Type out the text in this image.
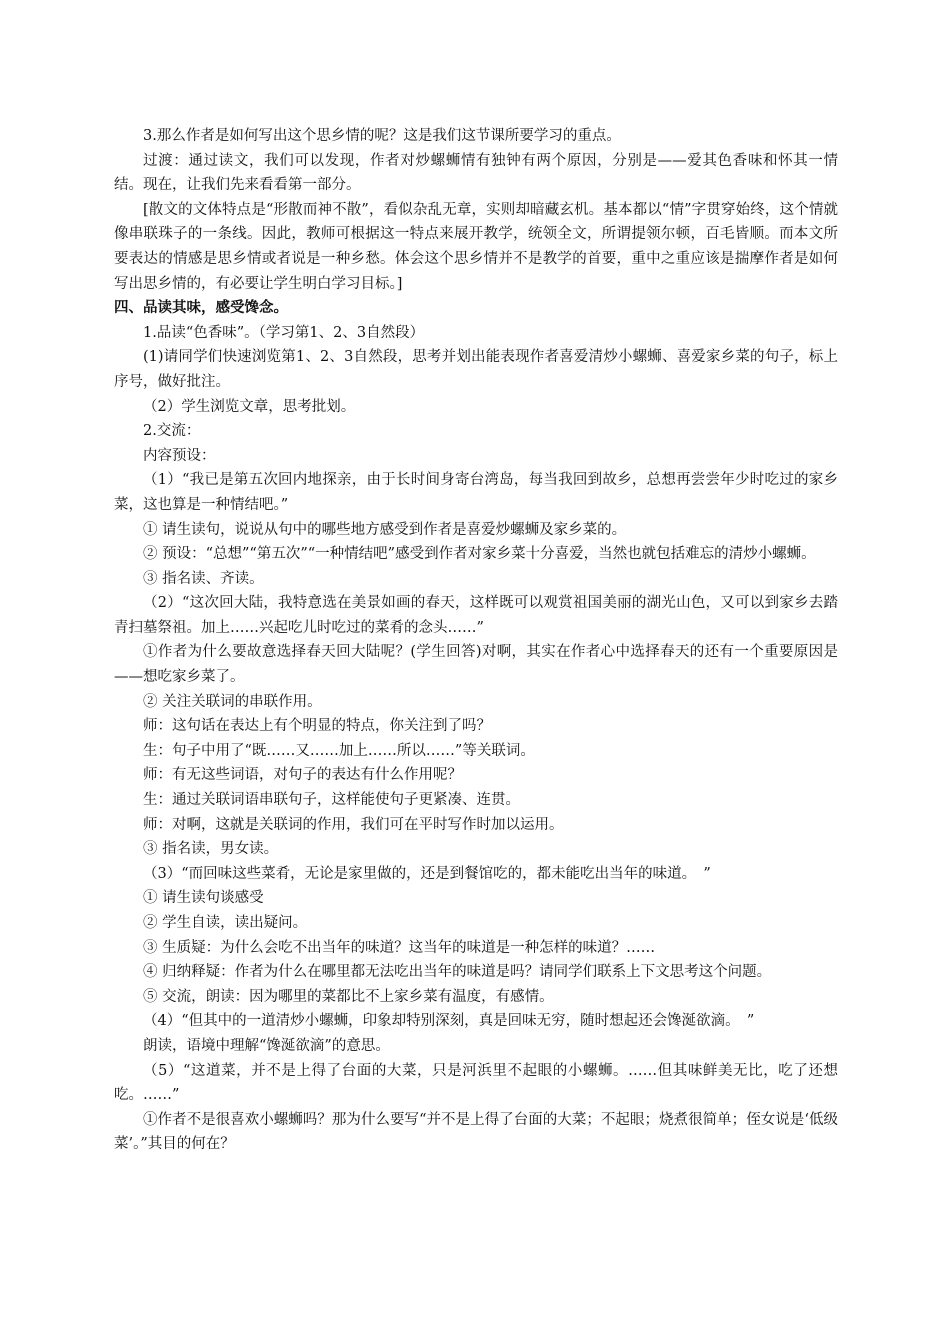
3.那么作者是如何写出这个思乡情的呢？这是我们这节课所要学习的重点。

过渡：通过读文，我们可以发现，作者对炒螺蛳情有独钟有两个原因，分别是——爱其色香味和怀其一情结。现在，让我们先来看看第一部分。

[散文的文体特点是“形散而神不散”，看似杂乱无章，实则却暗藏玄机。基本都以“情”字贯穿始终，这个情就像串联珠子的一条线。因此，教师可根据这一特点来展开教学，统领全文，所谓提领尔顿，百毛皆顺。而本文所要表达的情感是思乡情或者说是一种乡愁。体会这个思乡情并不是教学的首要，重中之重应该是揣摩作者是如何写出思乡情的，有必要让学生明白学习目标。]

四、品读其味，感受馋念。

1.品读“色香味”。（学习第1、2、3自然段）

(1)请同学们快速浏览第1、2、3自然段，思考并划出能表现作者喜爱清炒小螺蛳、喜爱家乡菜的句子，标上序号，做好批注。

（2）学生浏览文章，思考批划。

2.交流：

内容预设：

（1）“我已是第五次回内地探亲，由于长时间身寄台湾岛，每当我回到故乡，总想再尝尝年少时吃过的家乡菜，这也算是一种情结吧。”

① 请生读句，说说从句中的哪些地方感受到作者是喜爱炒螺蛳及家乡菜的。

② 预设：“总想”“第五次”“一种情结吧”感受到作者对家乡菜十分喜爱，当然也就包括难忘的清炒小螺蛳。

③ 指名读、齐读。

（2）“这次回大陆，我特意选在美景如画的春天，这样既可以观赏祖国美丽的湖光山色，又可以到家乡去踏青扫墓祭祖。加上……兴起吃儿时吃过的菜肴的念头……”

①作者为什么要故意选择春天回大陆呢？(学生回答)对啊，其实在作者心中选择春天的还有一个重要原因是——想吃家乡菜了。

② 关注关联词的串联作用。

师：这句话在表达上有个明显的特点，你关注到了吗？

生：句子中用了“既……又……加上……所以……”等关联词。

师：有无这些词语，对句子的表达有什么作用呢？

生：通过关联词语串联句子，这样能使句子更紧凑、连贯。

师：对啊，这就是关联词的作用，我们可在平时写作时加以运用。

③ 指名读，男女读。

（3）“而回味这些菜肴，无论是家里做的，还是到餐馆吃的，都未能吃出当年的味道。　”

① 请生读句谈感受

② 学生自读，读出疑问。

③ 生质疑：为什么会吃不出当年的味道？这当年的味道是一种怎样的味道？……

④ 归纳释疑：作者为什么在哪里都无法吃出当年的味道是吗？请同学们联系上下文思考这个问题。

⑤ 交流，朗读：因为哪里的菜都比不上家乡菜有温度，有感情。

（4）“但其中的一道清炒小螺蛳，印象却特别深刻，真是回味无穷，随时想起还会馋涎欲滴。　”

朗读，语境中理解“馋涎欲滴”的意思。

（5）“这道菜，并不是上得了台面的大菜，只是河浜里不起眼的小螺蛳。……但其味鲜美无比，吃了还想吃。……”

①作者不是很喜欢小螺蛳吗？那为什么要写“并不是上得了台面的大菜；不起眼；烧煮很简单；侄女说是‘低级菜’。”其目的何在？
